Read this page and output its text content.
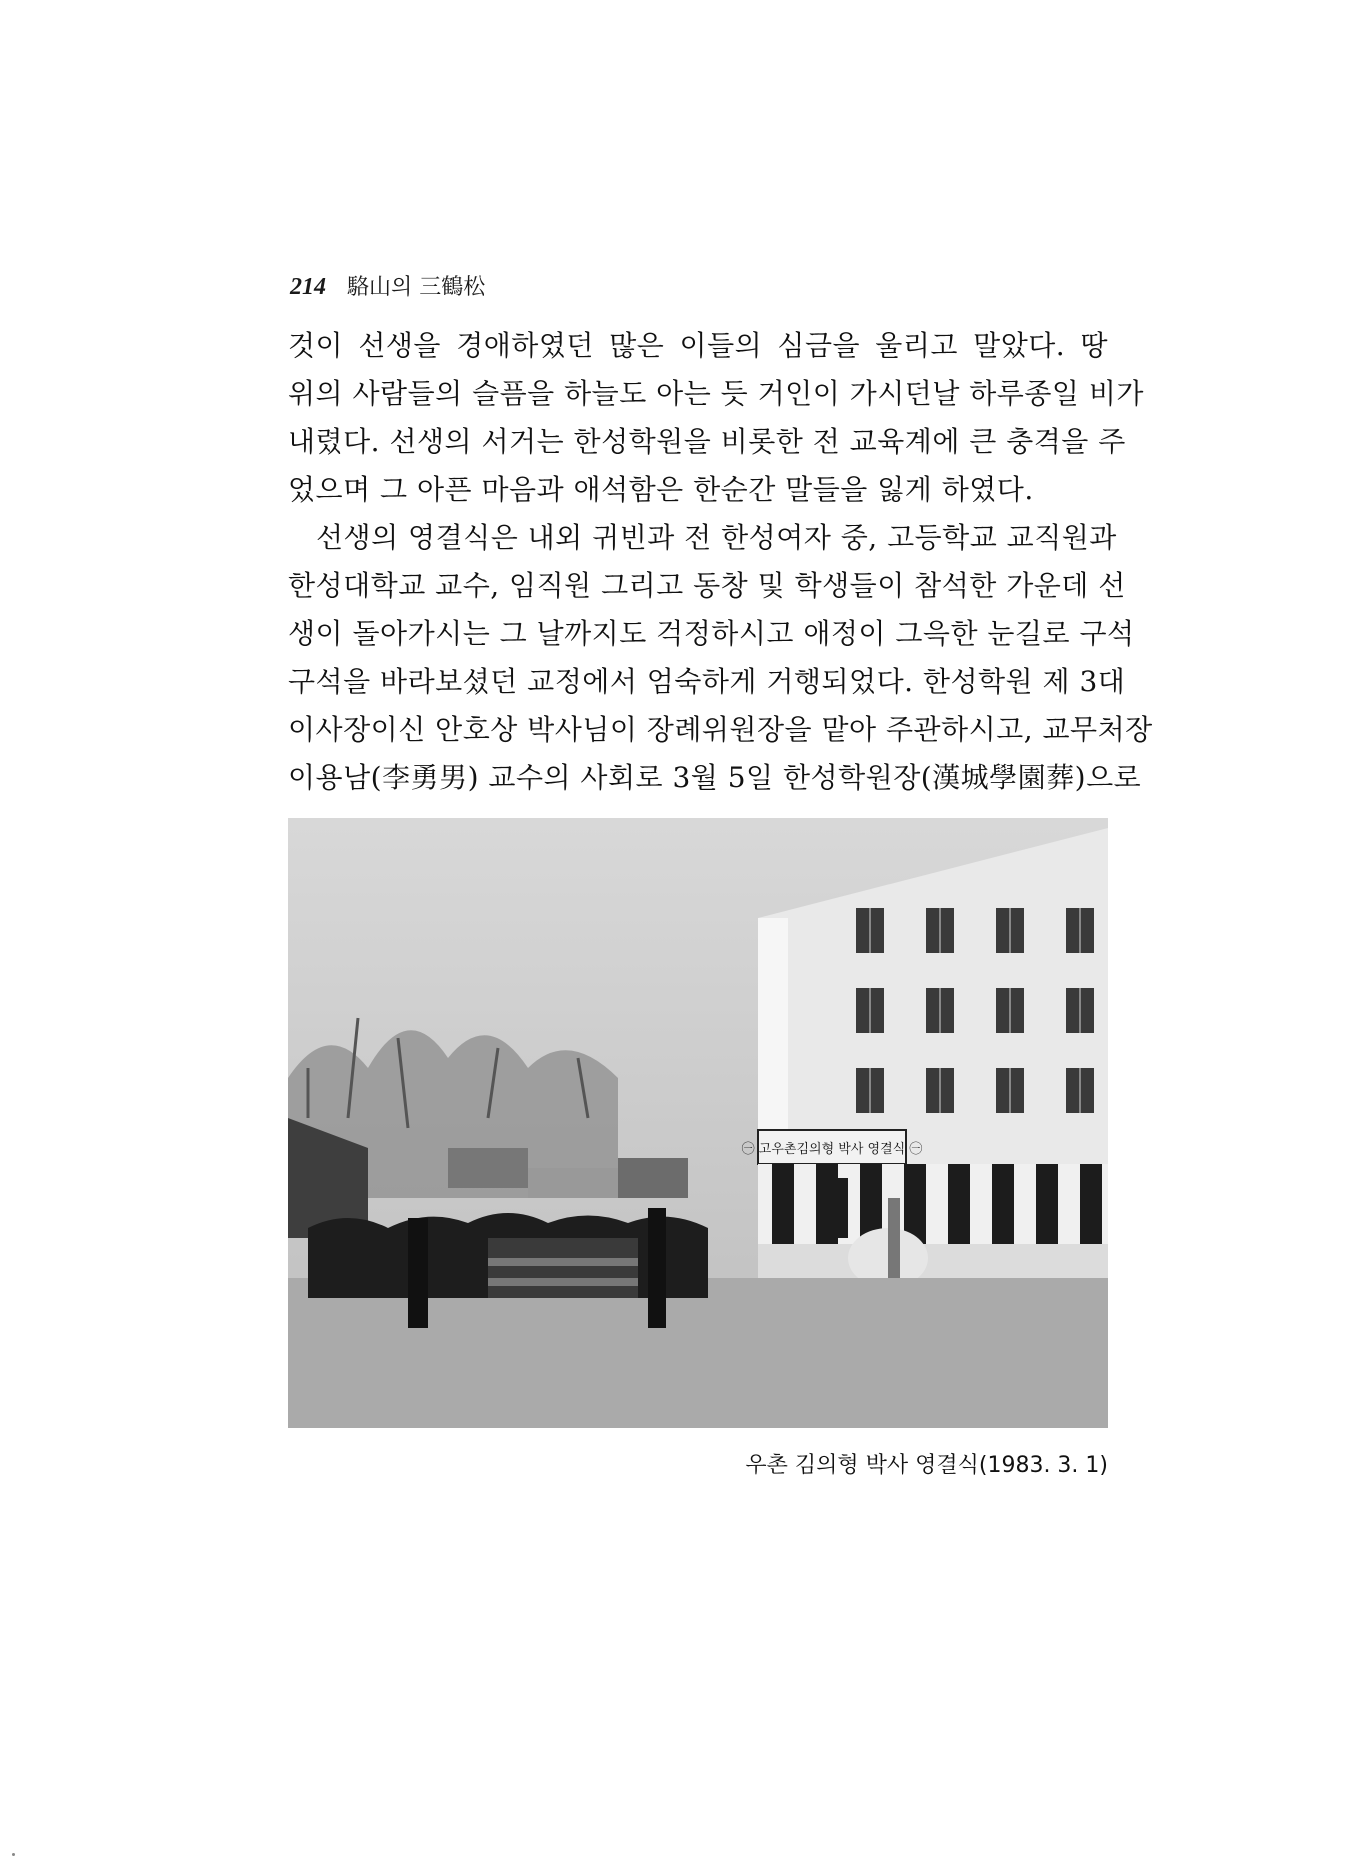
214 駱山의 三鶴松
것이 선생을 경애하였던 많은 이들의 심금을 울리고 말았다. 땅
위의 사람들의 슬픔을 하늘도 아는 듯 거인이 가시던날 하루종일 비가
내렸다. 선생의 서거는 한성학원을 비롯한 전 교육계에 큰 충격을 주
었으며 그 아픈 마음과 애석함은 한순간 말들을 잃게 하였다.
선생의 영결식은 내외 귀빈과 전 한성여자 중, 고등학교 교직원과
한성대학교 교수, 임직원 그리고 동창 및 학생들이 참석한 가운데 선
생이 돌아가시는 그 날까지도 걱정하시고 애정이 그윽한 눈길로 구석
구석을 바라보셨던 교정에서 엄숙하게 거행되었다. 한성학원 제 3대
이사장이신 안호상 박사님이 장례위원장을 맡아 주관하시고, 교무처장
이용남(李勇男) 교수의 사회로 3월 5일 한성학원장(漢城學園葬)으로
㊀ 고우촌김의형 박사 영결식 ㊀
우촌 김의형 박사 영결식(1983. 3. 1)
